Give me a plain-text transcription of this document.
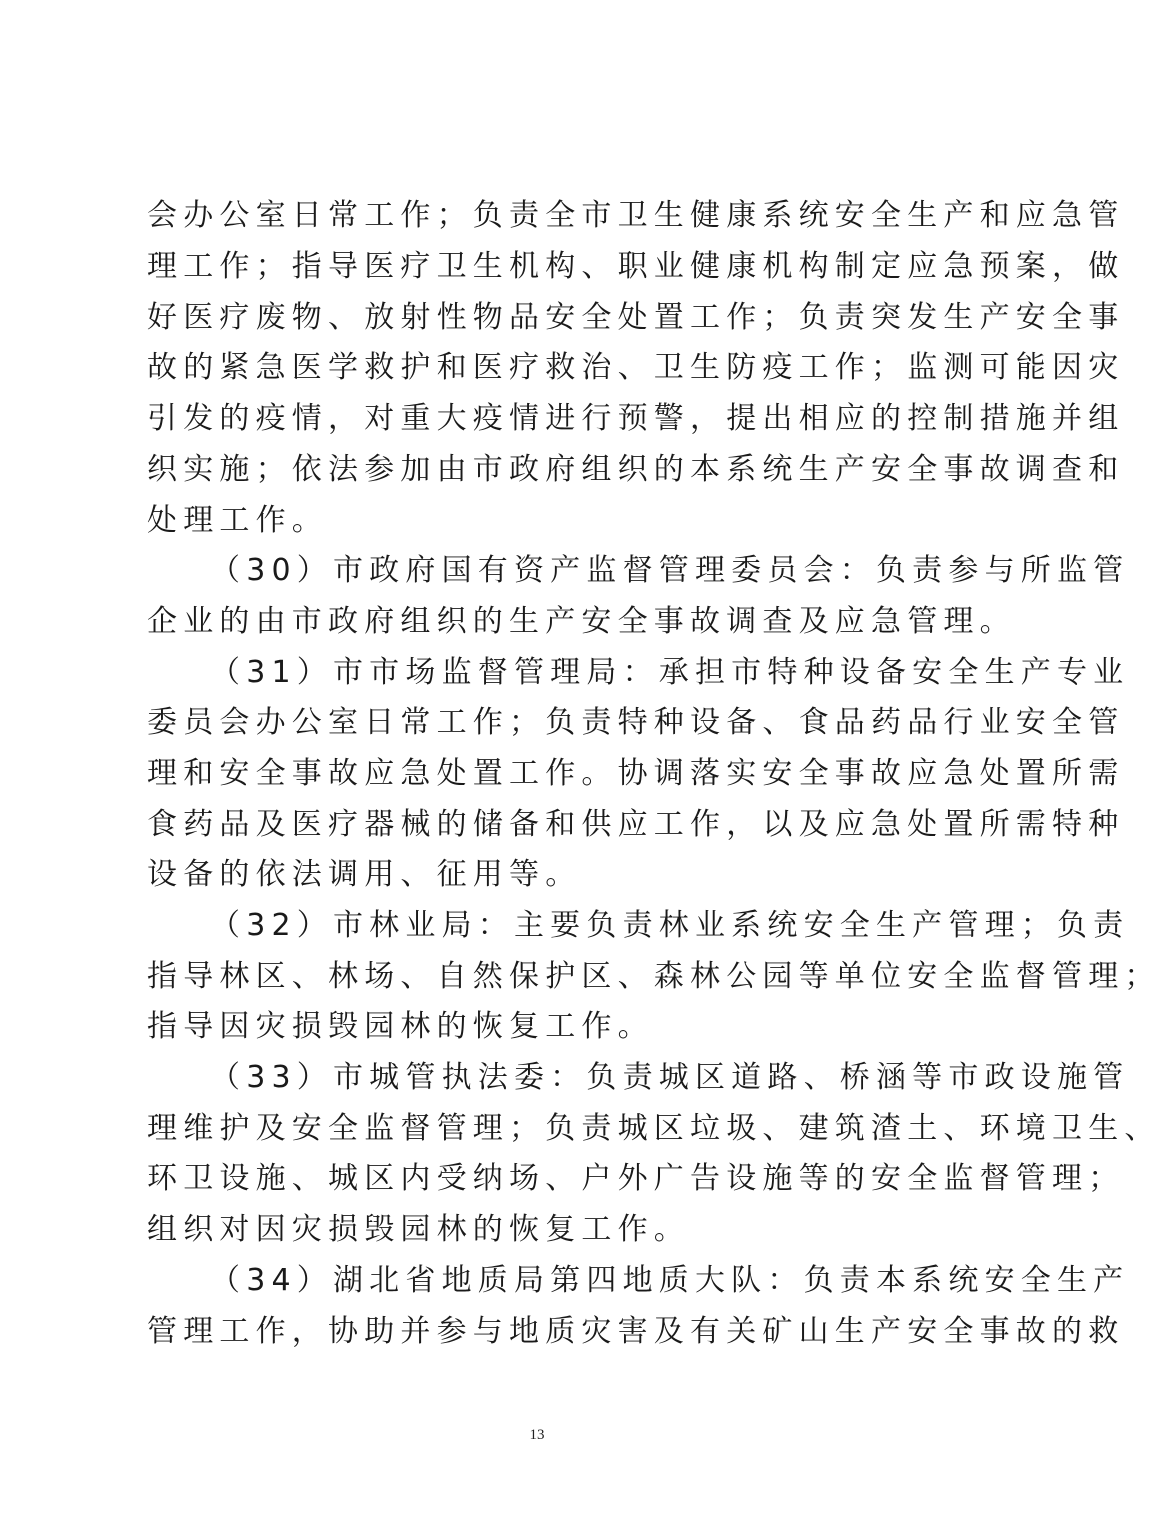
会办公室日常工作；负责全市卫生健康系统安全生产和应急管
理工作；指导医疗卫生机构、职业健康机构制定应急预案，做
好医疗废物、放射性物品安全处置工作；负责突发生产安全事
故的紧急医学救护和医疗救治、卫生防疫工作；监测可能因灾
引发的疫情，对重大疫情进行预警，提出相应的控制措施并组
织实施；依法参加由市政府组织的本系统生产安全事故调查和
处理工作。
（30）市政府国有资产监督管理委员会：负责参与所监管
企业的由市政府组织的生产安全事故调查及应急管理。
（31）市市场监督管理局：承担市特种设备安全生产专业
委员会办公室日常工作；负责特种设备、食品药品行业安全管
理和安全事故应急处置工作。协调落实安全事故应急处置所需
食药品及医疗器械的储备和供应工作，以及应急处置所需特种
设备的依法调用、征用等。
（32）市林业局：主要负责林业系统安全生产管理；负责
指导林区、林场、自然保护区、森林公园等单位安全监督管理；
指导因灾损毁园林的恢复工作。
（33）市城管执法委：负责城区道路、桥涵等市政设施管
理维护及安全监督管理；负责城区垃圾、建筑渣土、环境卫生、
环卫设施、城区内受纳场、户外广告设施等的安全监督管理；
组织对因灾损毁园林的恢复工作。
（34）湖北省地质局第四地质大队：负责本系统安全生产
管理工作，协助并参与地质灾害及有关矿山生产安全事故的救
13
